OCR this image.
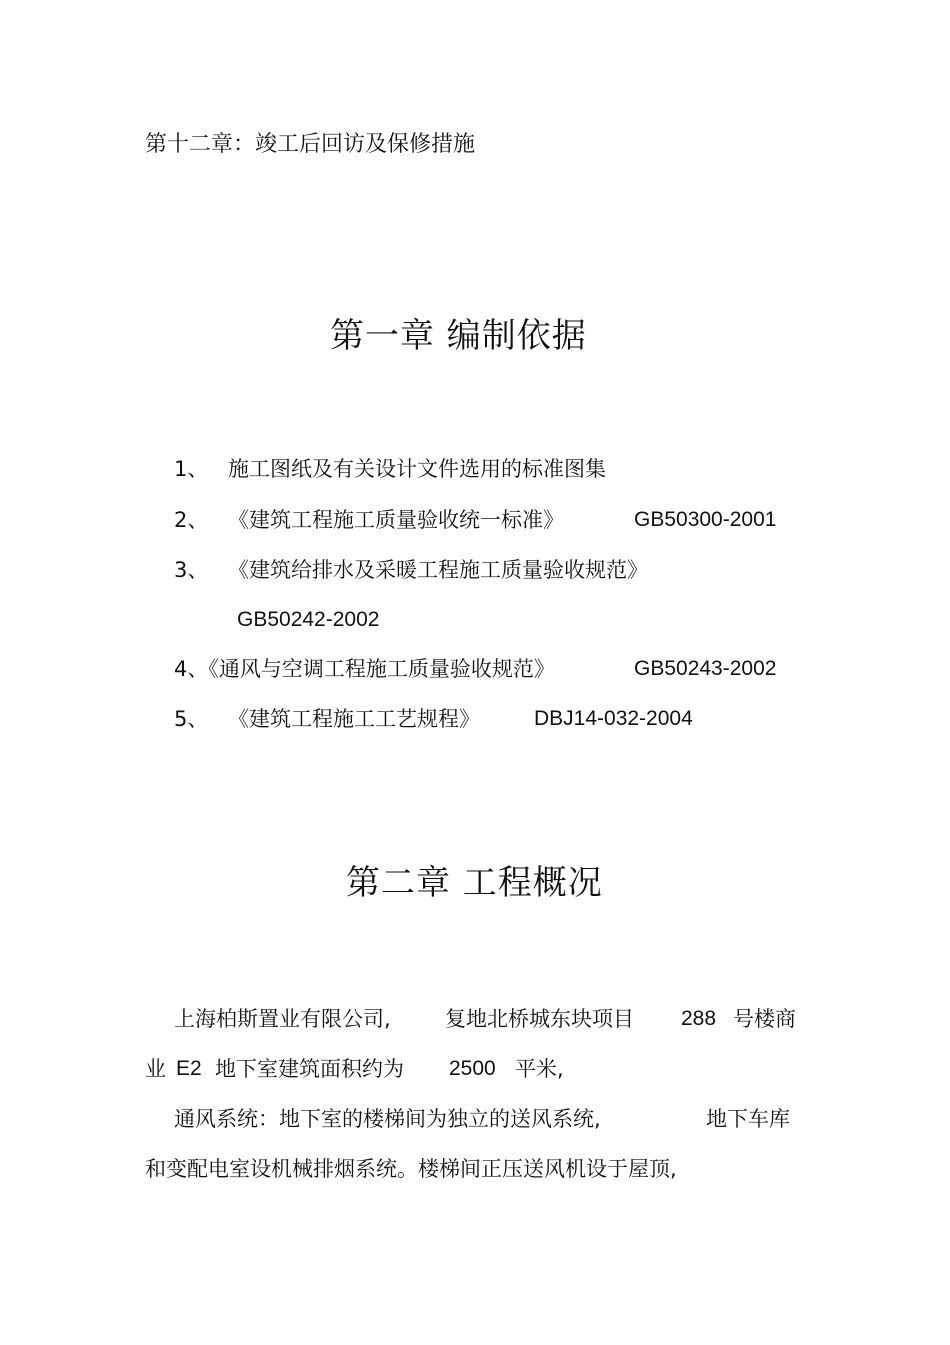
第十二章：竣工后回访及保修措施
第一章 编制依据
1、 施工图纸及有关设计文件选用的标准图集
2、 《建筑工程施工质量验收统一标准》	GB50300-2001
3、 《建筑给排水及采暖工程施工质量验收规范》
GB50242-2002
4、《通风与空调工程施工质量验收规范》	GB50243-2002
5、 《建筑工程施工工艺规程》	DBJ14-032-2004
第二章 工程概况
上海柏斯置业有限公司,	复地北桥城东块项目 288 号楼商
业 E2 地下室建筑面积约为 2500 平米,
通风系统：地下室的楼梯间为独立的送风系统,	地下车库
和变配电室设机械排烟系统。楼梯间正压送风机设于屋顶,
